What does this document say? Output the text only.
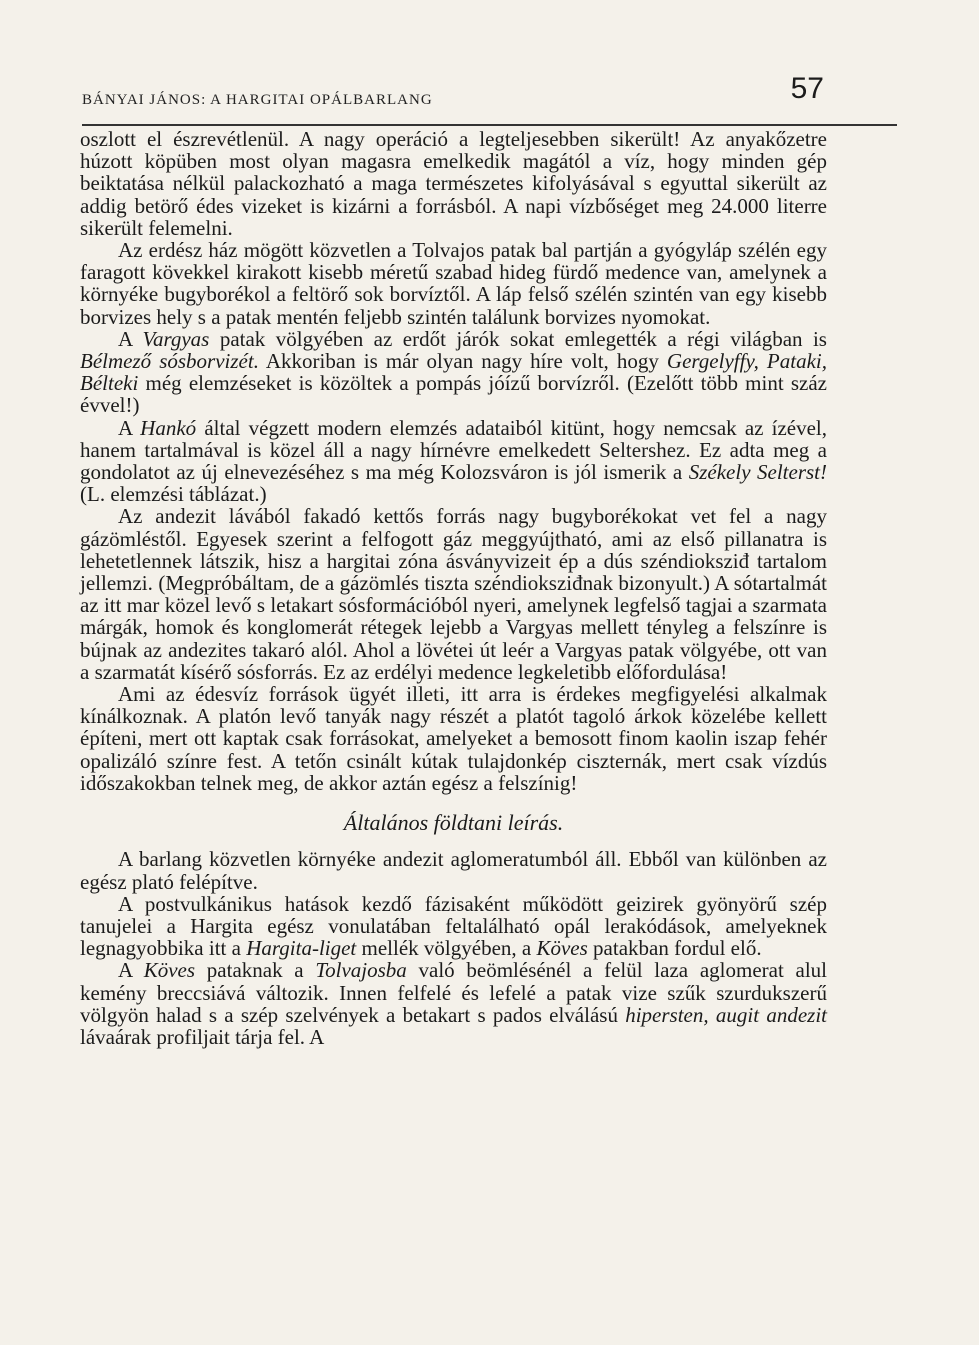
BÁNYAI JÁNOS: A HARGITAI OPÁLBARLANG	57

oszlott el észrevétlenül. A nagy operáció a legteljesebben sikerült! Az anyakőzetre húzott köpüben most olyan magasra emelkedik magától a víz, hogy minden gép beiktatása nélkül palackozható a maga természetes kifolyásával s egyuttal sikerült az addig betörő édes vizeket is kizárni a forrásból. A napi vízbőséget meg 24.000 literre sikerült felemelni.

Az erdész ház mögött közvetlen a Tolvajos patak bal partján a gyógyláp szélén egy faragott kövekkel kirakott kisebb méretű szabad hideg fürdő medence van, amelynek a környéke bugyborékol a feltörő sok borvíztől. A láp felső szélén szintén van egy kisebb borvizes hely s a patak mentén feljebb szintén találunk borvizes nyomokat.

A Vargyas patak völgyében az erdőt járók sokat emlegették a régi világban is Bélmező sósborvizét. Akkoriban is már olyan nagy híre volt, hogy Gergelyffy, Pataki, Bélteki még elemzéseket is közöltek a pompás jóízű borvízről. (Ezelőtt több mint száz évvel!)

A Hankó által végzett modern elemzés adataiból kitünt, hogy nemcsak az ízével, hanem tartalmával is közel áll a nagy hírnévre emelkedett Seltershez. Ez adta meg a gondolatot az új elnevezéséhez s ma még Kolozsváron is jól ismerik a Székely Selterst! (L. elemzési táblázat.)

Az andezit lávából fakadó kettős forrás nagy bugyborékokat vet fel a nagy gázömléstől. Egyesek szerint a felfogott gáz meggyújtható, ami az első pillanatra is lehetetlennek látszik, hisz a hargitai zóna ásványvizeit ép a dús széndioksziđ tartalom jellemzi. (Megpróbáltam, de a gázömlés tiszta széndioksziđnak bizonyult.) A sótartalmát az itt mar közel levő s letakart sósformációból nyeri, amelynek legfelső tagjai a szarmata márgák, homok és konglomerát rétegek lejebb a Vargyas mellett tényleg a felszínre is bújnak az andezites takaró alól. Ahol a lövétei út leér a Vargyas patak völgyébe, ott van a szarmatát kísérő sósforrás. Ez az erdélyi medence legkeletibb előfordulása!

Ami az édesvíz források ügyét illeti, itt arra is érdekes megfigyelési alkalmak kínálkoznak. A platón levő tanyák nagy részét a platót tagoló árkok közelébe kellett építeni, mert ott kaptak csak forrásokat, amelyeket a bemosott finom kaolin iszap fehér opalizáló színre fest. A tetőn csinált kútak tulajdonkép ciszternák, mert csak vízdús időszakokban telnek meg, de akkor aztán egész a felszínig!

Általános földtani leírás.

A barlang közvetlen környéke andezit aglomeratumból áll. Ebből van különben az egész plató felépítve.

A postvulkánikus hatások kezdő fázisaként működött geizirek gyönyörű szép tanujelei a Hargita egész vonulatában feltalálható opál lerakódások, amelyeknek legnagyobbika itt a Hargita-liget mellék völgyében, a Köves patakban fordul elő.

A Köves pataknak a Tolvajosba való beömlésénél a felül laza aglomerat alul kemény breccsiává változik. Innen felfelé és lefelé a patak vize szűk szurdukszerű völgyön halad s a szép szelvények a betakart s pados elválású hipersten, augit andezit lávaárak profiljait tárja fel. A
